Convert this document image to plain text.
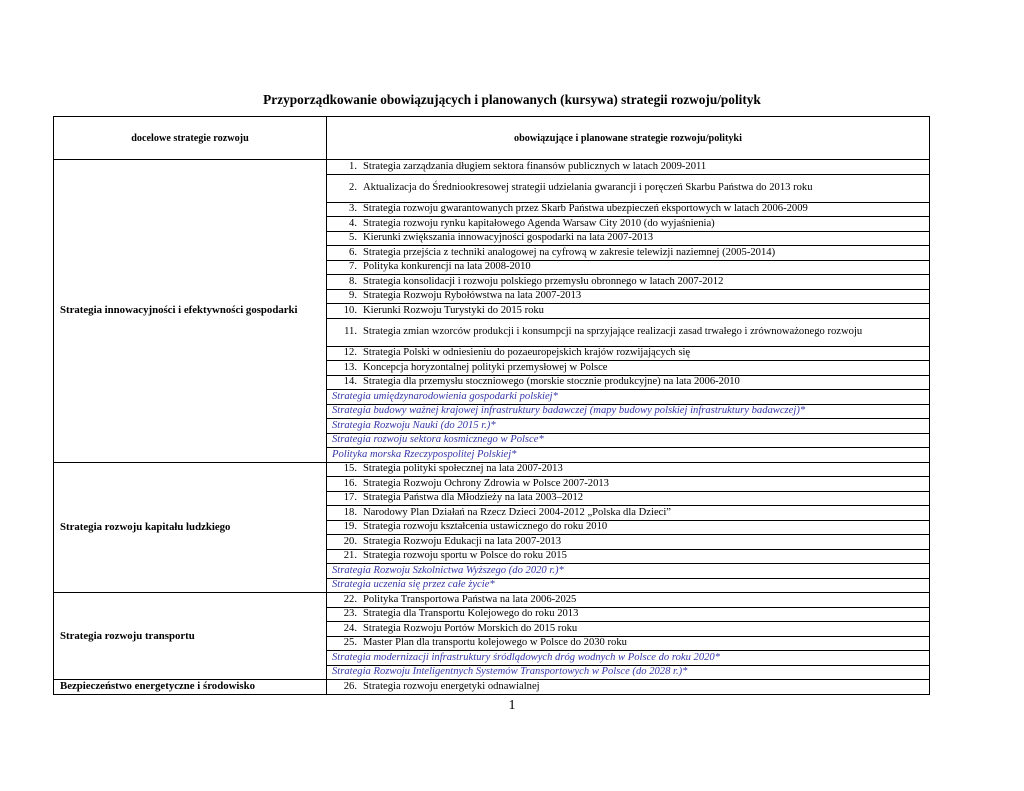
Przyporządkowanie obowiązujących i planowanych (kursywa) strategii rozwoju/polityk
docelowe strategie rozwoju	obowiązujące i planowane strategie rozwoju/polityki
Strategia innowacyjności i efektywności gospodarki	
1. Strategia zarządzania długiem sektora finansów publicznych w latach 2009-2011
2. Aktualizacja do Średniookresowej strategii udzielania gwarancji i poręczeń Skarbu Państwa do 2013 roku
3. Strategia rozwoju gwarantowanych przez Skarb Państwa ubezpieczeń eksportowych w latach 2006-2009
4. Strategia rozwoju rynku kapitałowego Agenda Warsaw City 2010 (do wyjaśnienia)
5. Kierunki zwiększania innowacyjności gospodarki na lata 2007-2013
6. Strategia przejścia z techniki analogowej na cyfrową w zakresie telewizji naziemnej (2005-2014)
7. Polityka konkurencji na lata 2008-2010
8. Strategia konsolidacji i rozwoju polskiego przemysłu obronnego w latach 2007-2012
9. Strategia Rozwoju Rybołówstwa na lata 2007-2013
10. Kierunki Rozwoju Turystyki do 2015 roku
11. Strategia zmian wzorców produkcji i konsumpcji na sprzyjające realizacji zasad trwałego i zrównoważonego rozwoju
12. Strategia Polski w odniesieniu do pozaeuropejskich krajów rozwijających się
13. Koncepcja horyzontalnej polityki przemysłowej w Polsce
14. Strategia dla przemysłu stoczniowego (morskie stocznie produkcyjne) na lata 2006-2010
Strategia umiędzynarodowienia gospodarki polskiej*
Strategia budowy ważnej krajowej infrastruktury badawczej (mapy budowy polskiej infrastruktury badawczej)*
Strategia Rozwoju Nauki (do 2015 r.)*
Strategia rozwoju sektora kosmicznego w Polsce*
Polityka morska Rzeczypospolitej Polskiej*

Strategia rozwoju kapitału ludzkiego	
15. Strategia polityki społecznej na lata 2007-2013
16. Strategia Rozwoju Ochrony Zdrowia w Polsce 2007-2013
17. Strategia Państwa dla Młodzieży na lata 2003–2012
18. Narodowy Plan Działań na Rzecz Dzieci 2004-2012 „Polska dla Dzieci”
19. Strategia rozwoju kształcenia ustawicznego do roku 2010
20. Strategia Rozwoju Edukacji na lata 2007-2013
21. Strategia rozwoju sportu w Polsce do roku 2015
Strategia Rozwoju Szkolnictwa Wyższego (do 2020 r.)*
Strategia uczenia się przez całe życie*

Strategia rozwoju transportu	
22. Polityka Transportowa Państwa na lata 2006-2025
23. Strategia dla Transportu Kolejowego do roku 2013
24. Strategia Rozwoju Portów Morskich do 2015 roku
25. Master Plan dla transportu kolejowego w Polsce do 2030 roku
Strategia modernizacji infrastruktury śródlądowych dróg wodnych w Polsce do roku 2020*
Strategia Rozwoju Inteligentnych Systemów Transportowych w Polsce (do 2028 r.)*

Bezpieczeństwo energetyczne i środowisko		26. Strategia rozwoju energetyki odnawialnej
1
